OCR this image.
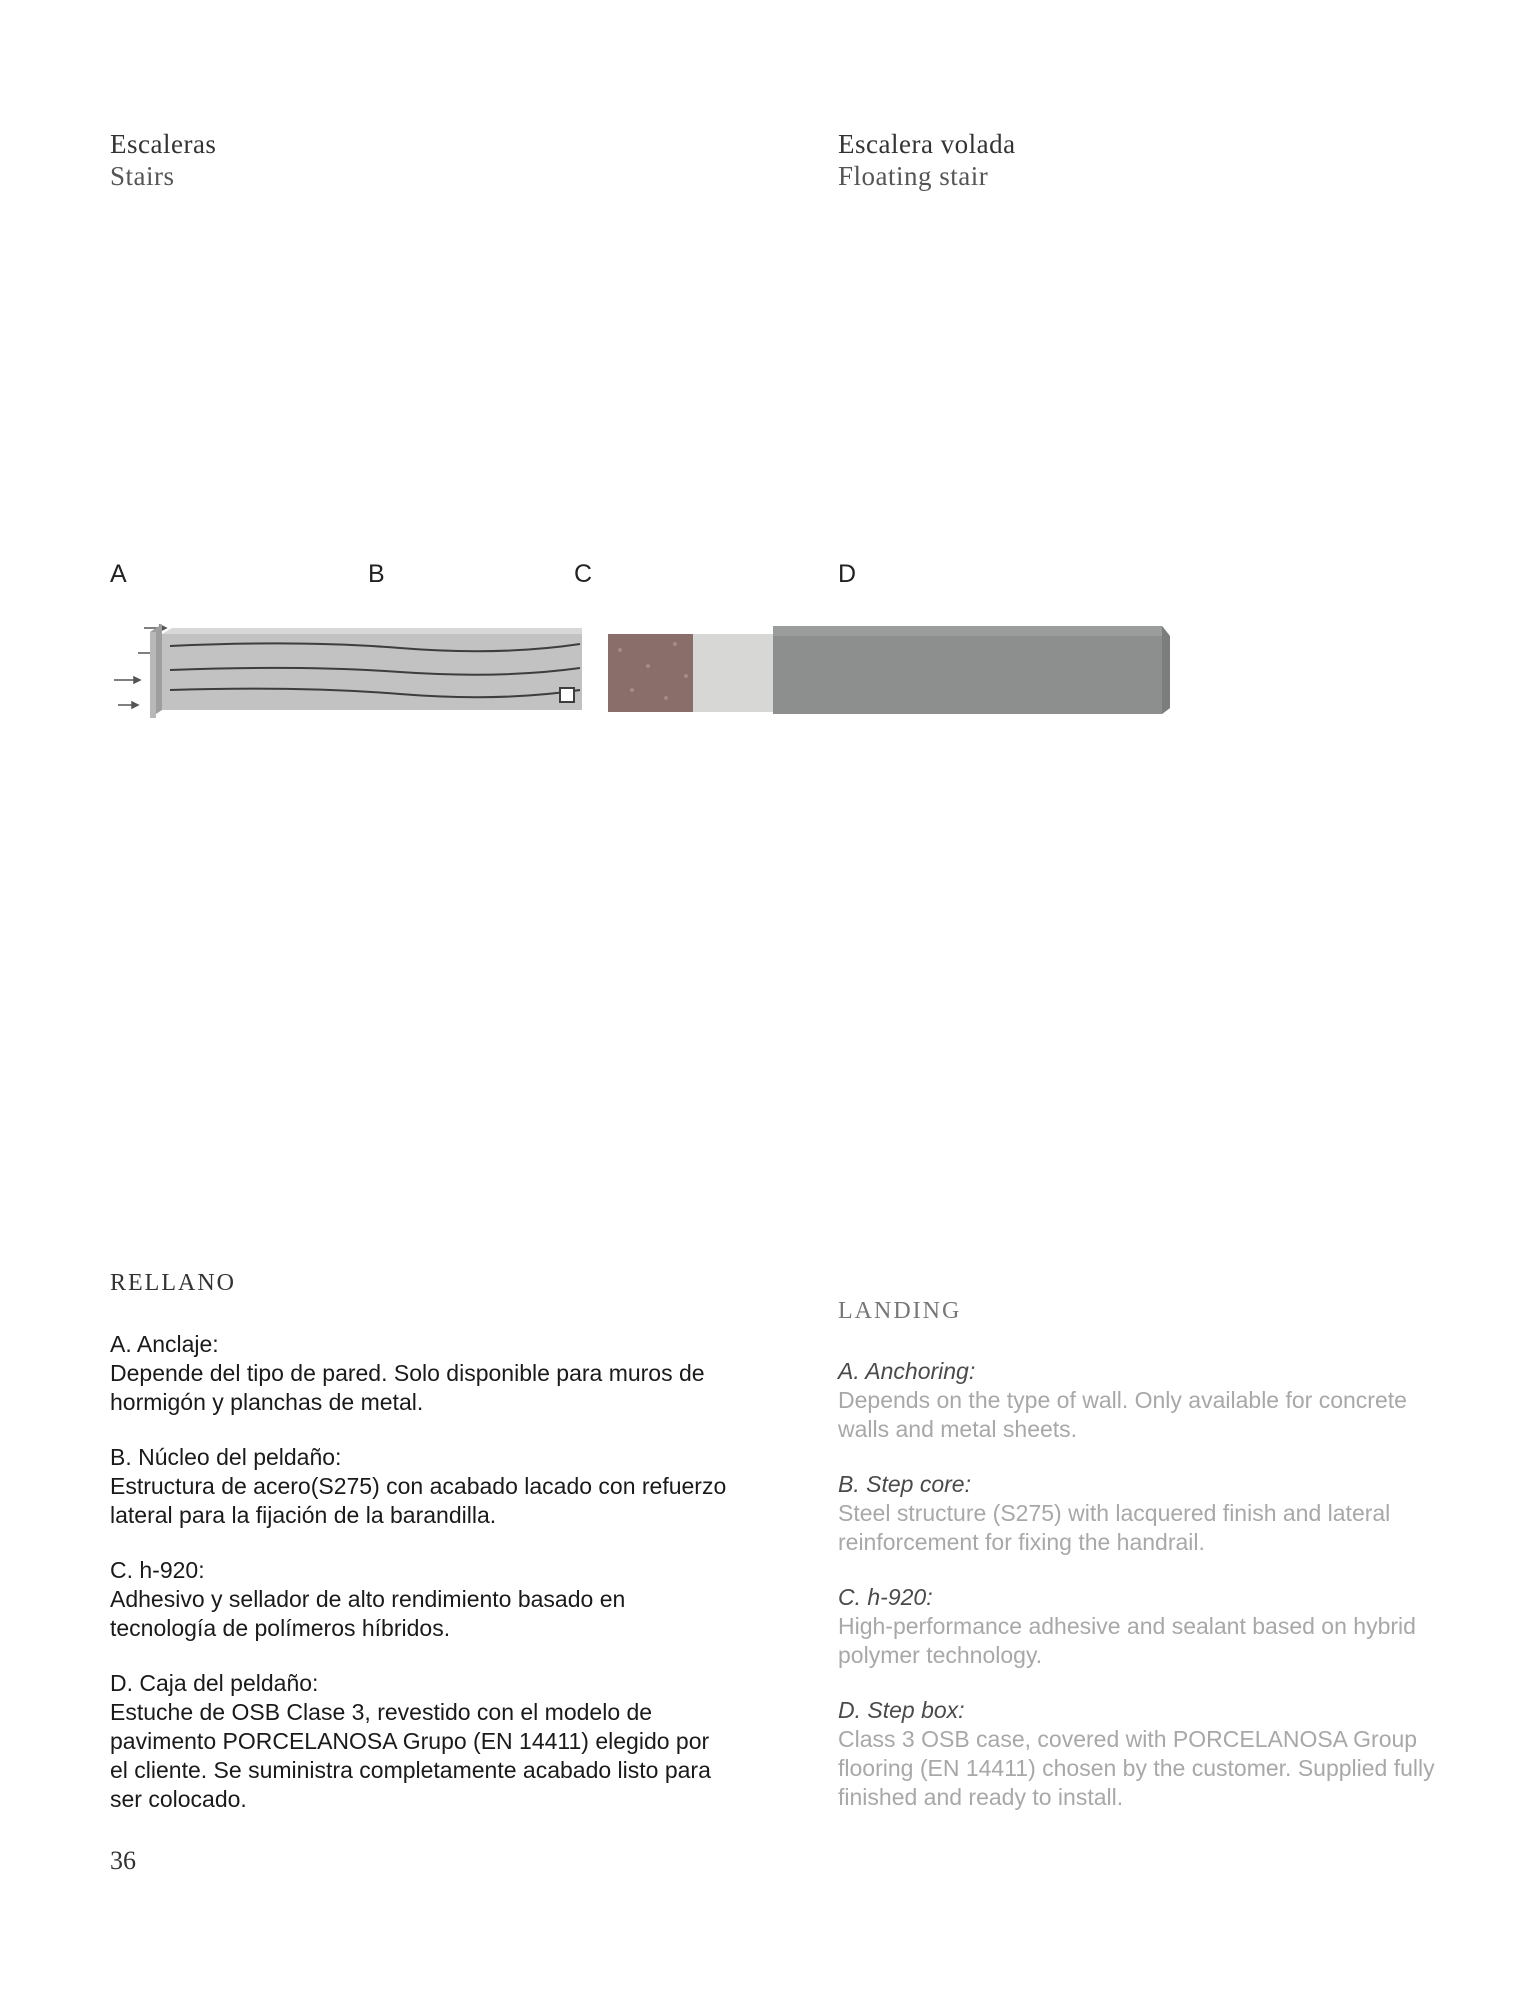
Escaleras
Stairs
Escalera volada
Floating stair
A	B	C	D
RELLANO
A. Anclaje:
Depende del tipo de pared. Solo disponible para muros de hormigón y planchas de metal.
B. Núcleo del peldaño:
Estructura de acero(S275) con acabado lacado con refuerzo lateral para la fijación de la barandilla.
C. h-920:
Adhesivo y sellador de alto rendimiento basado en tecnología de polímeros híbridos.
D. Caja del peldaño:
Estuche de OSB Clase 3, revestido con el modelo de pavimento PORCELANOSA Grupo (EN 14411) elegido por el cliente. Se suministra completamente acabado listo para ser colocado.
LANDING
A. Anchoring:
Depends on the type of wall. Only available for concrete walls and metal sheets.
B. Step core:
Steel structure (S275) with lacquered finish and lateral reinforcement for fixing the handrail.
C. h-920:
High-performance adhesive and sealant based on hybrid polymer technology.
D. Step box:
Class 3 OSB case, covered with PORCELANOSA Group flooring (EN 14411) chosen by the customer. Supplied fully finished and ready to install.
36
